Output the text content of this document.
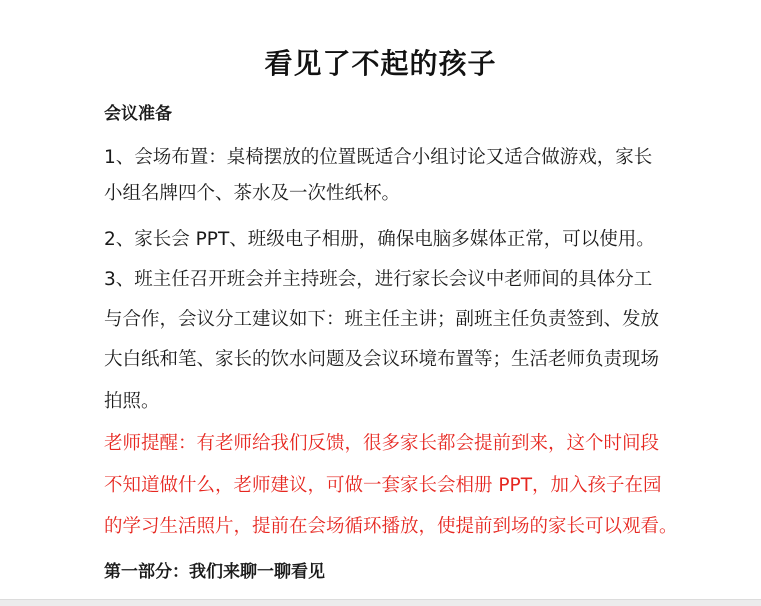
看见了不起的孩子
会议准备
1、会场布置：桌椅摆放的位置既适合小组讨论又适合做游戏，家长
小组名牌四个、茶水及一次性纸杯。
2、家长会 PPT、班级电子相册，确保电脑多媒体正常，可以使用。
3、班主任召开班会并主持班会，进行家长会议中老师间的具体分工
与合作，会议分工建议如下：班主任主讲；副班主任负责签到、发放
大白纸和笔、家长的饮水问题及会议环境布置等；生活老师负责现场
拍照。
老师提醒：有老师给我们反馈，很多家长都会提前到来，这个时间段
不知道做什么，老师建议，可做一套家长会相册 PPT，加入孩子在园
的学习生活照片，提前在会场循环播放，使提前到场的家长可以观看。
第一部分：我们来聊一聊看见
